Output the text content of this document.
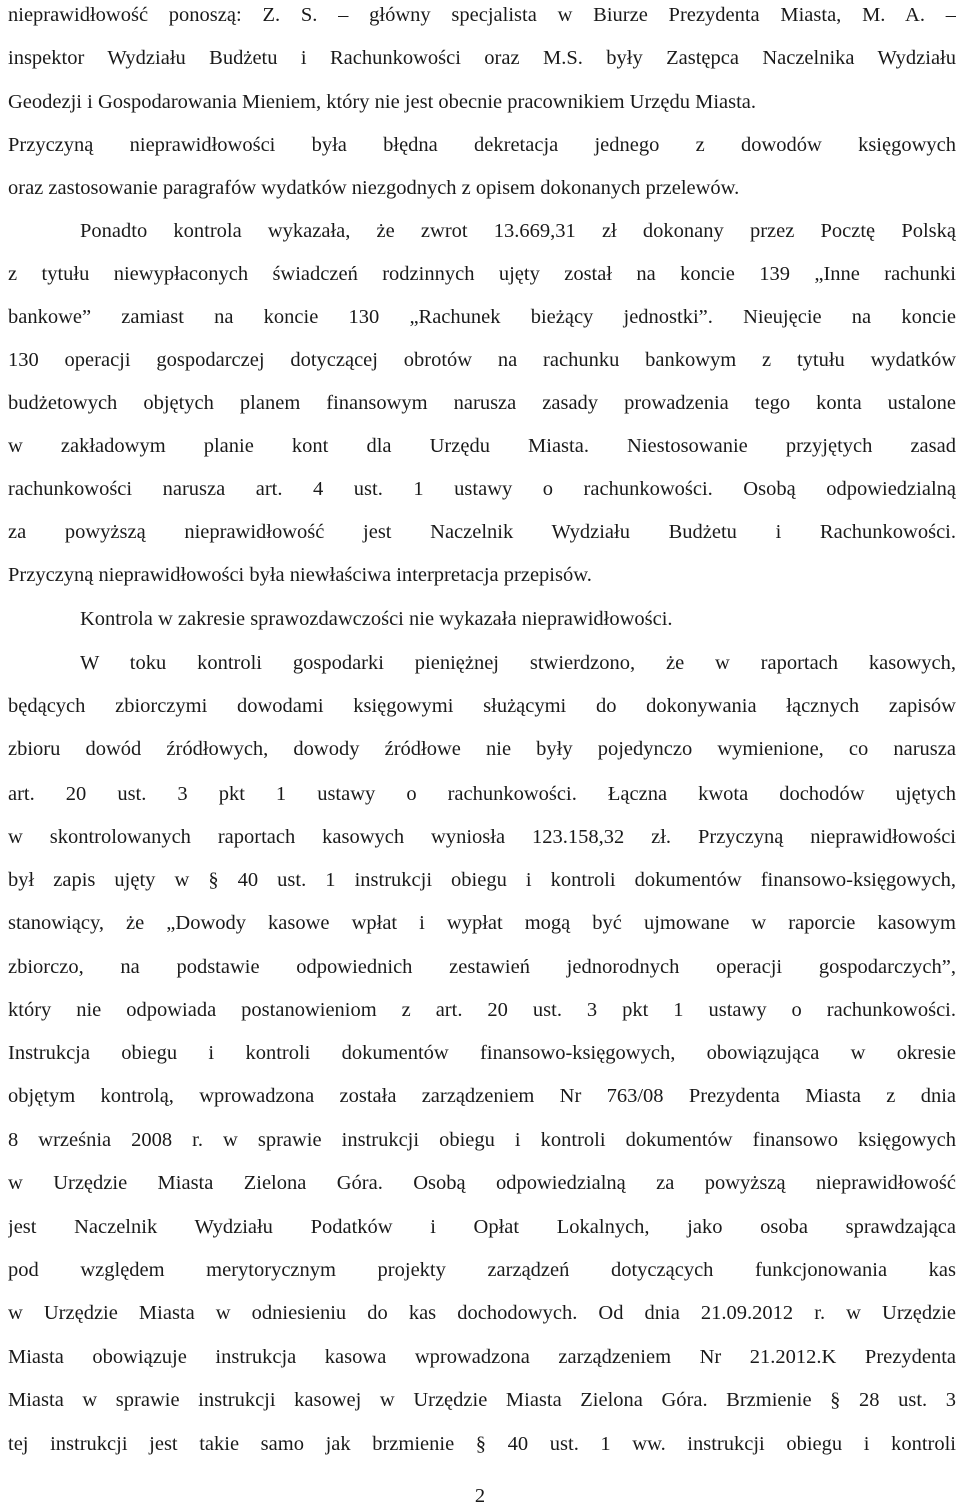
nieprawidłowość ponoszą: Z. S. – główny specjalista w Biurze Prezydenta Miasta, M. A. –
inspektor Wydziału Budżetu i Rachunkowości oraz M.S. były Zastępca Naczelnika Wydziału
Geodezji i Gospodarowania Mieniem, który nie jest obecnie pracownikiem Urzędu Miasta.
Przyczyną nieprawidłowości była błędna dekretacja jednego z dowodów księgowych
oraz zastosowanie paragrafów wydatków niezgodnych z opisem dokonanych przelewów.
Ponadto kontrola wykazała, że zwrot 13.669,31 zł dokonany przez Pocztę Polską
z tytułu niewypłaconych świadczeń rodzinnych ujęty został na koncie 139 „Inne rachunki
bankowe” zamiast na koncie 130 „Rachunek bieżący jednostki”. Nieujęcie na koncie
130 operacji gospodarczej dotyczącej obrotów na rachunku bankowym z tytułu wydatków
budżetowych objętych planem finansowym narusza zasady prowadzenia tego konta ustalone
w zakładowym planie kont dla Urzędu Miasta. Niestosowanie przyjętych zasad
rachunkowości narusza art. 4 ust. 1 ustawy o rachunkowości. Osobą odpowiedzialną
za powyższą nieprawidłowość jest Naczelnik Wydziału Budżetu i Rachunkowości.
Przyczyną nieprawidłowości była niewłaściwa interpretacja przepisów.
Kontrola w zakresie sprawozdawczości nie wykazała nieprawidłowości.
W toku kontroli gospodarki pieniężnej stwierdzono, że w raportach kasowych,
będących zbiorczymi dowodami księgowymi służącymi do dokonywania łącznych zapisów
zbioru dowód źródłowych, dowody źródłowe nie były pojedynczo wymienione, co narusza
art. 20 ust. 3 pkt 1 ustawy o rachunkowości. Łączna kwota dochodów ujętych
w skontrolowanych raportach kasowych wyniosła 123.158,32 zł. Przyczyną nieprawidłowości
był zapis ujęty w § 40 ust. 1 instrukcji obiegu i kontroli dokumentów finansowo-księgowych,
stanowiący, że „Dowody kasowe wpłat i wypłat mogą być ujmowane w raporcie kasowym
zbiorczo, na podstawie odpowiednich zestawień jednorodnych operacji gospodarczych”,
który nie odpowiada postanowieniom z art. 20 ust. 3 pkt 1 ustawy o rachunkowości.
Instrukcja obiegu i kontroli dokumentów finansowo-księgowych, obowiązująca w okresie
objętym kontrolą, wprowadzona została zarządzeniem Nr 763/08 Prezydenta Miasta z dnia
8 września 2008 r. w sprawie instrukcji obiegu i kontroli dokumentów finansowo księgowych
w Urzędzie Miasta Zielona Góra. Osobą odpowiedzialną za powyższą nieprawidłowość
jest Naczelnik Wydziału Podatków i Opłat Lokalnych, jako osoba sprawdzająca
pod względem merytorycznym projekty zarządzeń dotyczących funkcjonowania kas
w Urzędzie Miasta w odniesieniu do kas dochodowych. Od dnia 21.09.2012 r. w Urzędzie
Miasta obowiązuje instrukcja kasowa wprowadzona zarządzeniem Nr 21.2012.K Prezydenta
Miasta w sprawie instrukcji kasowej w Urzędzie Miasta Zielona Góra. Brzmienie § 28 ust. 3
tej instrukcji jest takie samo jak brzmienie § 40 ust. 1 ww. instrukcji obiegu i kontroli
2
